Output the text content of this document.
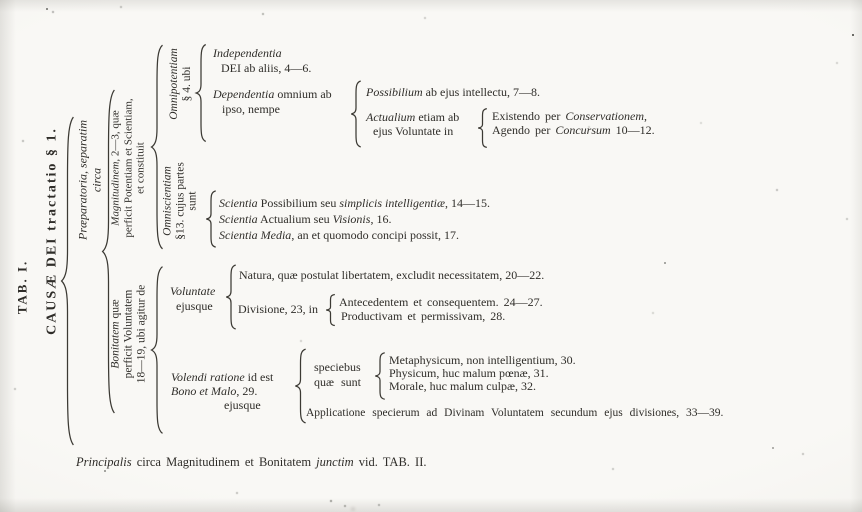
TAB. I. CAUSÆ DEI tractatio § 1. Præparatoria, separatim circa Magnitudinem, 2—3, quæ perficit Potentiam et Scientiam, et constituit
Omnipotentiam § 4. ubi
Omniscientiam §13. cujus partes sunt
Bonitatem quæ perficit Voluntatem 18—19, ubi agitur de
Independentia
DEI ab aliis, 4—6.
Dependentia omnium ab
ipso, nempe
Possibilium ab ejus intellectu, 7—8.
Actualium etiam ab
ejus Voluntate in
Existendo per Conservationem,
Agendo per Concursum 10—12.
Scientia Possibilium seu simplicis intelligentiæ, 14—15.
Scientia Actualium seu Visionis, 16.
Scientia Media, an et quomodo concipi possit, 17.
Voluntate
ejusque
Natura, quæ postulat libertatem, excludit necessitatem, 20—22.
Divisione, 23, in Antecedentem et consequentem. 24—27.
Productivam et permissivam, 28.
Volendi ratione id est
Bono et Malo, 29.
ejusque
speciebus
quæ sunt
Metaphysicum, non intelligentium, 30.
Physicum, huc malum pœnæ, 31.
Morale, huc malum culpæ, 32.
Applicatione specierum ad Divinam Voluntatem secundum ejus divisiones, 33—39.
Principalis circa Magnitudinem et Bonitatem junctim vid. TAB. II.
